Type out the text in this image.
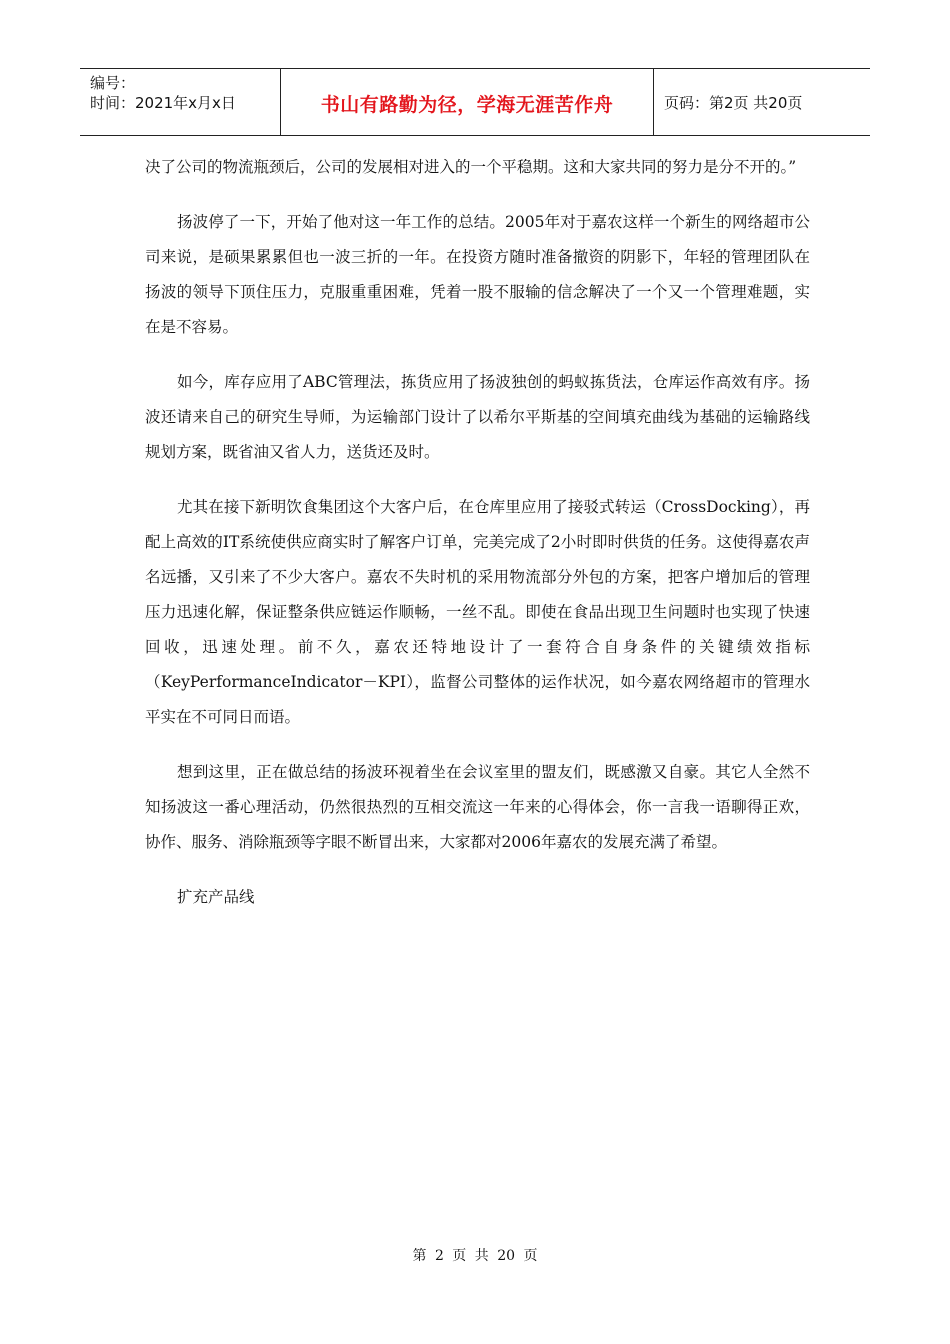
编号：
时间：2021年x月x日	书山有路勤为径，学海无涯苦作舟	页码：第2页 共20页

决了公司的物流瓶颈后，公司的发展相对进入的一个平稳期。这和大家共同的努力是分不开的。”

扬波停了一下，开始了他对这一年工作的总结。2005年对于嘉农这样一个新生的网络超市公司来说，是硕果累累但也一波三折的一年。在投资方随时准备撤资的阴影下，年轻的管理团队在扬波的领导下顶住压力，克服重重困难，凭着一股不服输的信念解决了一个又一个管理难题，实在是不容易。

如今，库存应用了ABC管理法，拣货应用了扬波独创的蚂蚁拣货法，仓库运作高效有序。扬波还请来自己的研究生导师，为运输部门设计了以希尔平斯基的空间填充曲线为基础的运输路线规划方案，既省油又省人力，送货还及时。

尤其在接下新明饮食集团这个大客户后，在仓库里应用了接驳式转运（CrossDocking），再配上高效的IT系统使供应商实时了解客户订单，完美完成了2小时即时供货的任务。这使得嘉农声名远播，又引来了不少大客户。嘉农不失时机的采用物流部分外包的方案，把客户增加后的管理压力迅速化解，保证整条供应链运作顺畅，一丝不乱。即使在食品出现卫生问题时也实现了快速回收，迅速处理。前不久，嘉农还特地设计了一套符合自身条件的关键绩效指标（KeyPerformanceIndicator－KPI），监督公司整体的运作状况，如今嘉农网络超市的管理水平实在不可同日而语。

想到这里，正在做总结的扬波环视着坐在会议室里的盟友们，既感激又自豪。其它人全然不知扬波这一番心理活动，仍然很热烈的互相交流这一年来的心得体会，你一言我一语聊得正欢，协作、服务、消除瓶颈等字眼不断冒出来，大家都对2006年嘉农的发展充满了希望。

扩充产品线

第 2 页 共 20 页
